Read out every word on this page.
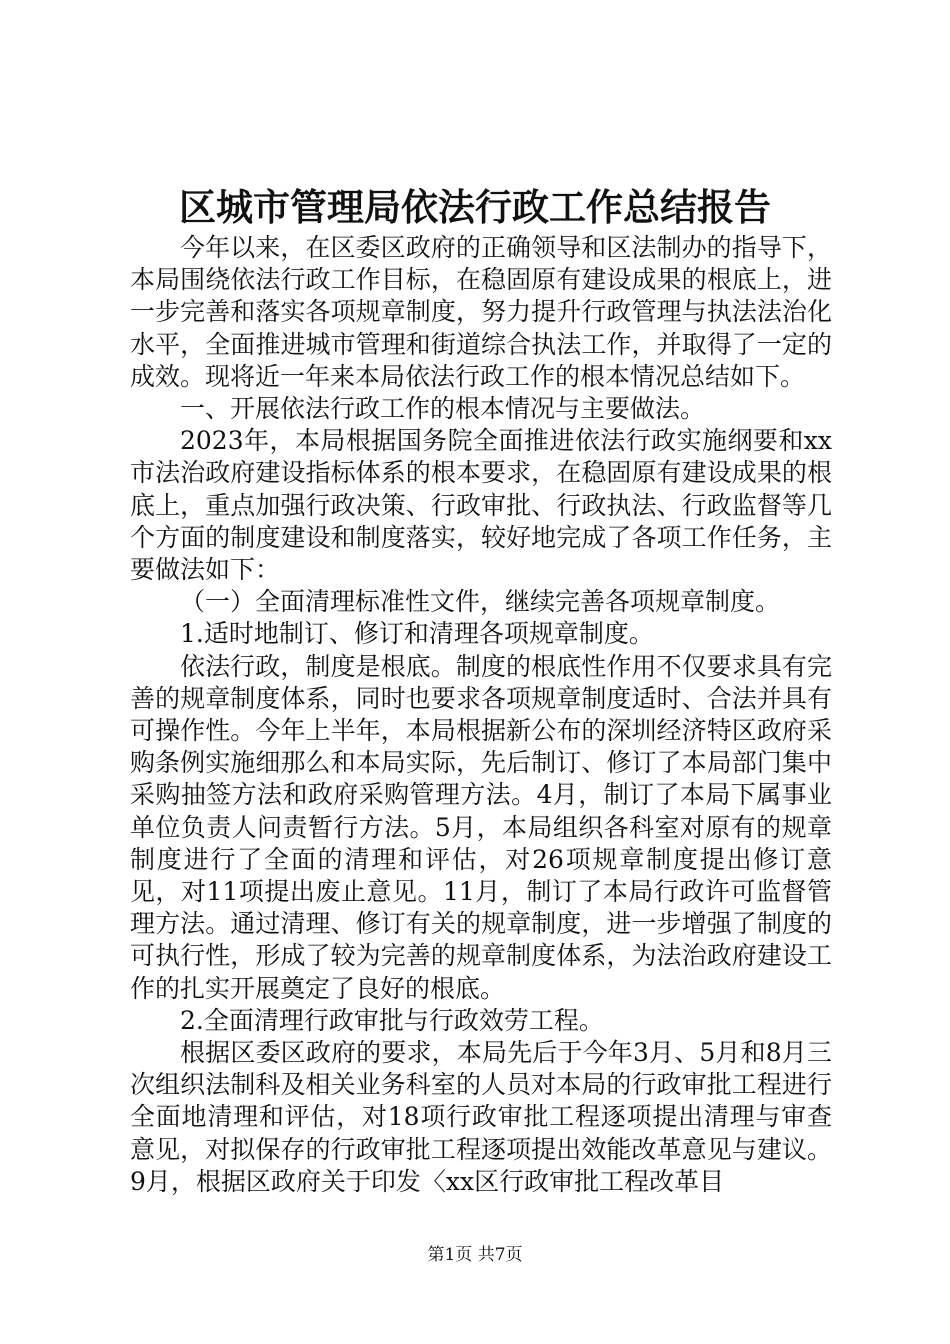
区城市管理局依法行政工作总结报告

今年以来，在区委区政府的正确领导和区法制办的指导下，本局围绕依法行政工作目标，在稳固原有建设成果的根底上，进一步完善和落实各项规章制度，努力提升行政管理与执法法治化水平，全面推进城市管理和街道综合执法工作，并取得了一定的成效。现将近一年来本局依法行政工作的根本情况总结如下。

一、开展依法行政工作的根本情况与主要做法。

2023年，本局根据国务院全面推进依法行政实施纲要和xx市法治政府建设指标体系的根本要求，在稳固原有建设成果的根底上，重点加强行政决策、行政审批、行政执法、行政监督等几个方面的制度建设和制度落实，较好地完成了各项工作任务，主要做法如下：

（一）全面清理标准性文件，继续完善各项规章制度。

1.适时地制订、修订和清理各项规章制度。

依法行政，制度是根底。制度的根底性作用不仅要求具有完善的规章制度体系，同时也要求各项规章制度适时、合法并具有可操作性。今年上半年，本局根据新公布的深圳经济特区政府采购条例实施细那么和本局实际，先后制订、修订了本局部门集中采购抽签方法和政府采购管理方法。4月，制订了本局下属事业单位负责人问责暂行方法。5月，本局组织各科室对原有的规章制度进行了全面的清理和评估，对26项规章制度提出修订意见，对11项提出废止意见。11月，制订了本局行政许可监督管理方法。通过清理、修订有关的规章制度，进一步增强了制度的可执行性，形成了较为完善的规章制度体系，为法治政府建设工作的扎实开展奠定了良好的根底。

2.全面清理行政审批与行政效劳工程。

根据区委区政府的要求，本局先后于今年3月、5月和8月三次组织法制科及相关业务科室的人员对本局的行政审批工程进行全面地清理和评估，对18项行政审批工程逐项提出清理与审查意见，对拟保存的行政审批工程逐项提出效能改革意见与建议。9月，根据区政府关于印发〈xx区行政审批工程改革目

第1页 共7页
